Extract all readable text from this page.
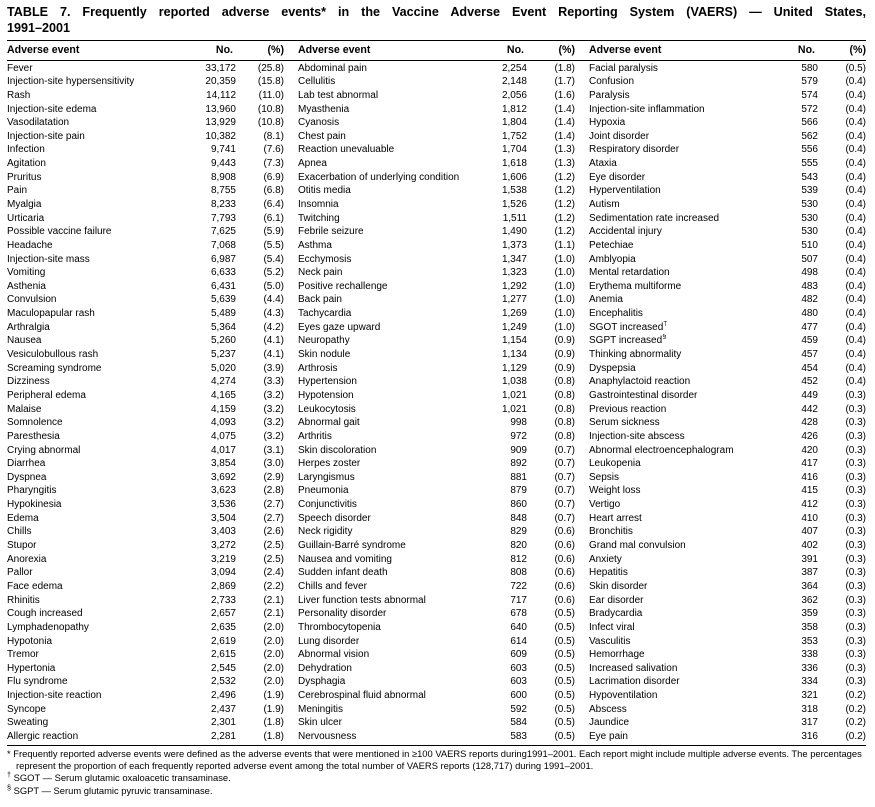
TABLE 7. Frequently reported adverse events* in the Vaccine Adverse Event Reporting System (VAERS) — United States,
1991–2001
Adverse event	No.	(%) Adverse event	No.	(%) Adverse event	No.	(%)
Fever	33,172	(25.8)
Injection-site hypersensitivity	20,359	(15.8)
Rash	14,112	(11.0)
Injection-site edema	13,960	(10.8)
Vasodilatation	13,929	(10.8)
Injection-site pain	10,382	(8.1)
Infection	9,741	(7.6)
Agitation	9,443	(7.3)
Pruritus	8,908	(6.9)
Pain	8,755	(6.8)
Myalgia	8,233	(6.4)
Urticaria	7,793	(6.1)
Possible vaccine failure	7,625	(5.9)
Headache	7,068	(5.5)
Injection-site mass	6,987	(5.4)
Vomiting	6,633	(5.2)
Asthenia	6,431	(5.0)
Convulsion	5,639	(4.4)
Maculopapular rash	5,489	(4.3)
Arthralgia	5,364	(4.2)
Nausea	5,260	(4.1)
Vesiculobullous rash	5,237	(4.1)
Screaming syndrome	5,020	(3.9)
Dizziness	4,274	(3.3)
Peripheral edema	4,165	(3.2)
Malaise	4,159	(3.2)
Somnolence	4,093	(3.2)
Paresthesia	4,075	(3.2)
Crying abnormal	4,017	(3.1)
Diarrhea	3,854	(3.0)
Dyspnea	3,692	(2.9)
Pharyngitis	3,623	(2.8)
Hypokinesia	3,536	(2.7)
Edema	3,504	(2.7)
Chills	3,403	(2.6)
Stupor	3,272	(2.5)
Anorexia	3,219	(2.5)
Pallor	3,094	(2.4)
Face edema	2,869	(2.2)
Rhinitis	2,733	(2.1)
Cough increased	2,657	(2.1)
Lymphadenopathy	2,635	(2.0)
Hypotonia	2,619	(2.0)
Tremor	2,615	(2.0)
Hypertonia	2,545	(2.0)
Flu syndrome	2,532	(2.0)
Injection-site reaction	2,496	(1.9)
Syncope	2,437	(1.9)
Sweating	2,301	(1.8)
Allergic reaction	2,281	(1.8)
Abdominal pain	2,254	(1.8)
Cellulitis	2,148	(1.7)
Lab test abnormal	2,056	(1.6)
Myasthenia	1,812	(1.4)
Cyanosis	1,804	(1.4)
Chest pain	1,752	(1.4)
Reaction unevaluable	1,704	(1.3)
Apnea	1,618	(1.3)
Exacerbation of underlying condition	1,606	(1.2)
Otitis media	1,538	(1.2)
Insomnia	1,526	(1.2)
Twitching	1,511	(1.2)
Febrile seizure	1,490	(1.2)
Asthma	1,373	(1.1)
Ecchymosis	1,347	(1.0)
Neck pain	1,323	(1.0)
Positive rechallenge	1,292	(1.0)
Back pain	1,277	(1.0)
Tachycardia	1,269	(1.0)
Eyes gaze upward	1,249	(1.0)
Neuropathy	1,154	(0.9)
Skin nodule	1,134	(0.9)
Arthrosis	1,129	(0.9)
Hypertension	1,038	(0.8)
Hypotension	1,021	(0.8)
Leukocytosis	1,021	(0.8)
Abnormal gait	998	(0.8)
Arthritis	972	(0.8)
Skin discoloration	909	(0.7)
Herpes zoster	892	(0.7)
Laryngismus	881	(0.7)
Pneumonia	879	(0.7)
Conjunctivitis	860	(0.7)
Speech disorder	848	(0.7)
Neck rigidity	829	(0.6)
Guillain-Barré syndrome	820	(0.6)
Nausea and vomiting	812	(0.6)
Sudden infant death	808	(0.6)
Chills and fever	722	(0.6)
Liver function tests abnormal	717	(0.6)
Personality disorder	678	(0.5)
Thrombocytopenia	640	(0.5)
Lung disorder	614	(0.5)
Abnormal vision	609	(0.5)
Dehydration	603	(0.5)
Dysphagia	603	(0.5)
Cerebrospinal fluid abnormal	600	(0.5)
Meningitis	592	(0.5)
Skin ulcer	584	(0.5)
Nervousness	583	(0.5)
Facial paralysis	580	(0.5)
Confusion	579	(0.4)
Paralysis	574	(0.4)
Injection-site inflammation	572	(0.4)
Hypoxia	566	(0.4)
Joint disorder	562	(0.4)
Respiratory disorder	556	(0.4)
Ataxia	555	(0.4)
Eye disorder	543	(0.4)
Hyperventilation	539	(0.4)
Autism	530	(0.4)
Sedimentation rate increased	530	(0.4)
Accidental injury	530	(0.4)
Petechiae	510	(0.4)
Amblyopia	507	(0.4)
Mental retardation	498	(0.4)
Erythema multiforme	483	(0.4)
Anemia	482	(0.4)
Encephalitis	480	(0.4)
SGOT increased†	477	(0.4)
SGPT increased§	459	(0.4)
Thinking abnormality	457	(0.4)
Dyspepsia	454	(0.4)
Anaphylactoid reaction	452	(0.4)
Gastrointestinal disorder	449	(0.3)
Previous reaction	442	(0.3)
Serum sickness	428	(0.3)
Injection-site abscess	426	(0.3)
Abnormal electroencephalogram	420	(0.3)
Leukopenia	417	(0.3)
Sepsis	416	(0.3)
Weight loss	415	(0.3)
Vertigo	412	(0.3)
Heart arrest	410	(0.3)
Bronchitis	407	(0.3)
Grand mal convulsion	402	(0.3)
Anxiety	391	(0.3)
Hepatitis	387	(0.3)
Skin disorder	364	(0.3)
Ear disorder	362	(0.3)
Bradycardia	359	(0.3)
Infect viral	358	(0.3)
Vasculitis	353	(0.3)
Hemorrhage	338	(0.3)
Increased salivation	336	(0.3)
Lacrimation disorder	334	(0.3)
Hypoventilation	321	(0.2)
Abscess	318	(0.2)
Jaundice	317	(0.2)
Eye pain	316	(0.2)
* Frequently reported adverse events were defined as the adverse events that were mentioned in ≥100 VAERS reports during1991–2001. Each report might include multiple adverse events. The percentages represent the proportion of each frequently reported adverse event among the total number of VAERS reports (128,717) during 1991–2001.
† SGOT — Serum glutamic oxaloacetic transaminase.
§ SGPT — Serum glutamic pyruvic transaminase.
